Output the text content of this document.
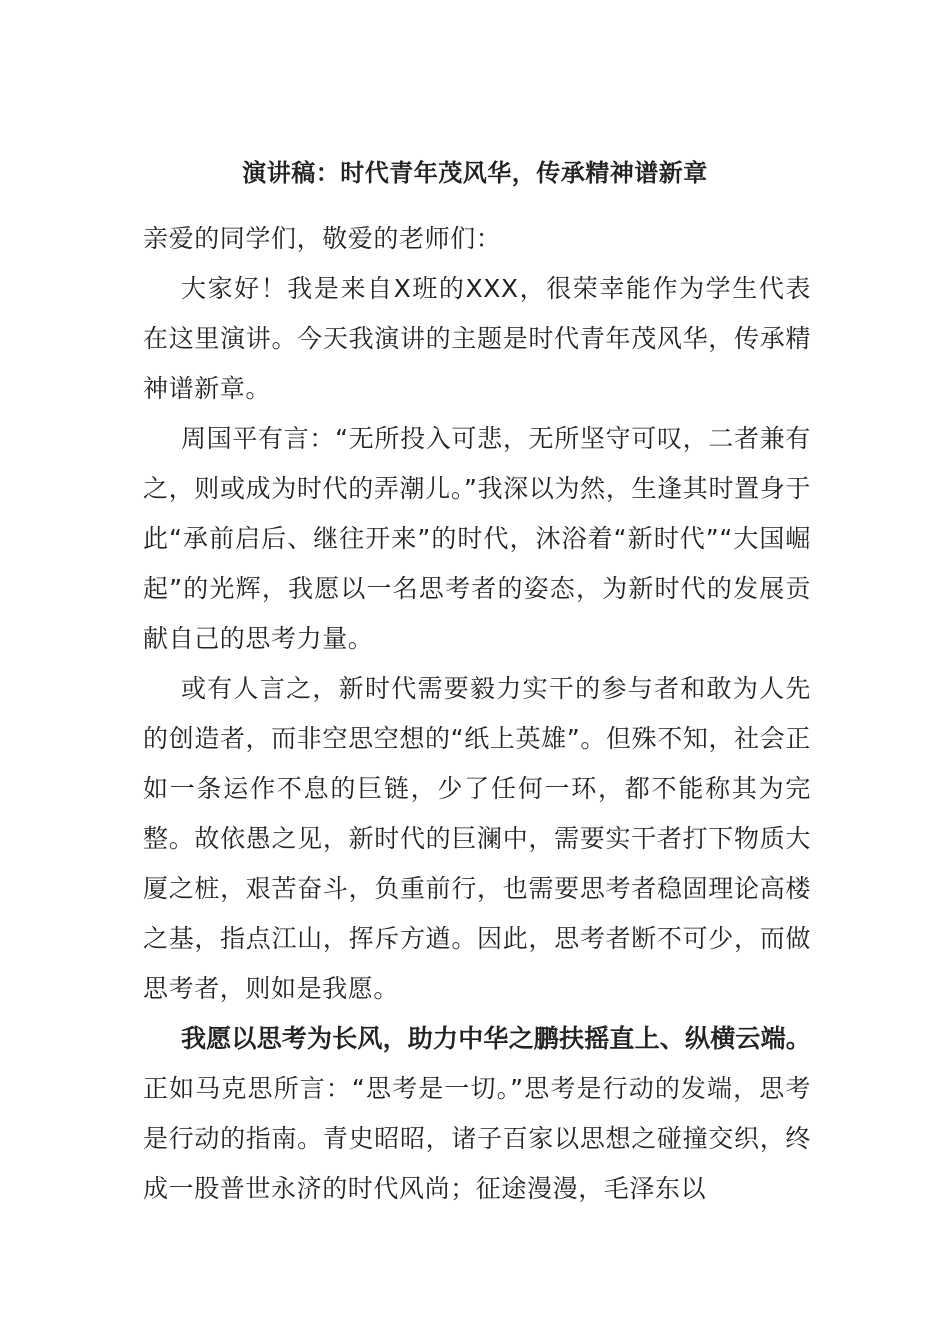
演讲稿：时代青年茂风华，传承精神谱新章

亲爱的同学们，敬爱的老师们：

大家好！我是来自X班的XXX，很荣幸能作为学生代表在这里演讲。今天我演讲的主题是时代青年茂风华，传承精神谱新章。

周国平有言：“无所投入可悲，无所坚守可叹，二者兼有之，则或成为时代的弄潮儿。”我深以为然，生逢其时置身于此“承前启后、继往开来”的时代，沐浴着“新时代”“大国崛起”的光辉，我愿以一名思考者的姿态，为新时代的发展贡献自己的思考力量。

或有人言之，新时代需要毅力实干的参与者和敢为人先的创造者，而非空思空想的“纸上英雄”。但殊不知，社会正如一条运作不息的巨链，少了任何一环，都不能称其为完整。故依愚之见，新时代的巨澜中，需要实干者打下物质大厦之桩，艰苦奋斗，负重前行，也需要思考者稳固理论高楼之基，指点江山，挥斥方遒。因此，思考者断不可少，而做思考者，则如是我愿。

我愿以思考为长风，助力中华之鹏扶摇直上、纵横云端。正如马克思所言：“思考是一切。”思考是行动的发端，思考是行动的指南。青史昭昭，诸子百家以思想之碰撞交织，终成一股普世永济的时代风尚；征途漫漫，毛泽东以
